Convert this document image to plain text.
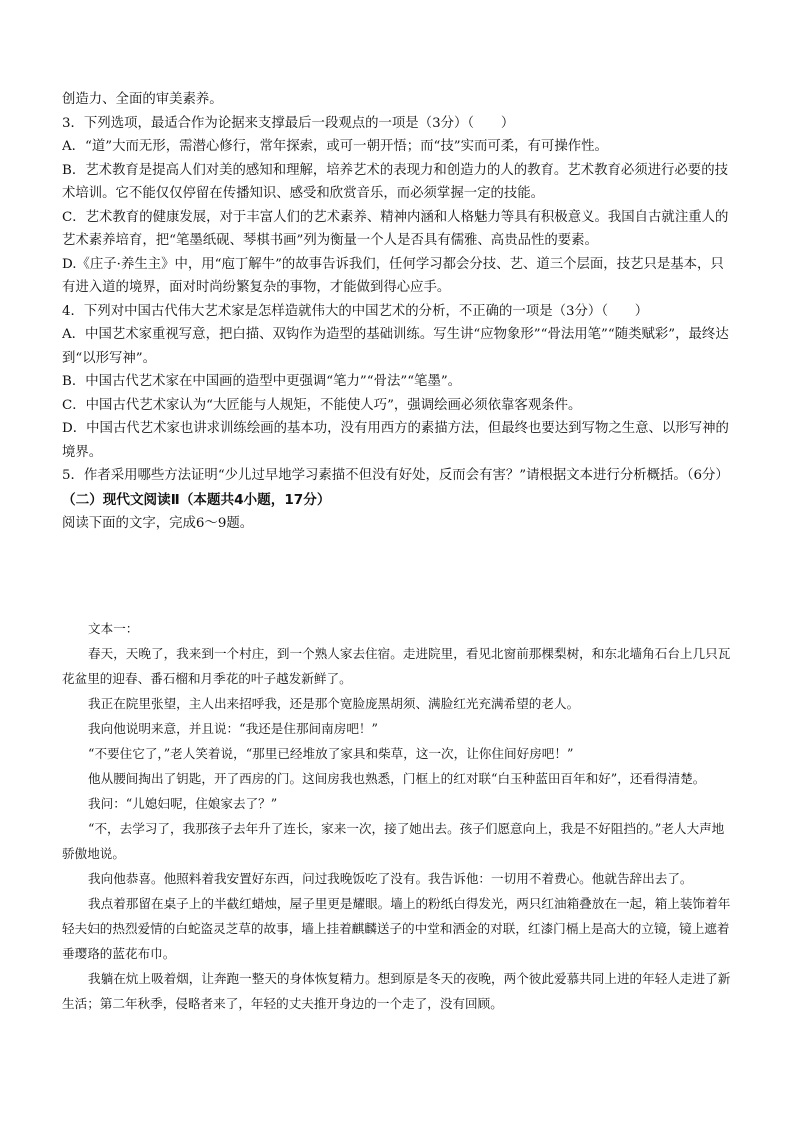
创造力、全面的审美素养。
3．下列选项，最适合作为论据来支撑最后一段观点的一项是（3分）（　　）
A．“道”大而无形，需潜心修行，常年探索，或可一朝开悟；而“技”实而可柔，有可操作性。
B．艺术教育是提高人们对美的感知和理解，培养艺术的表现力和创造力的人的教育。艺术教育必须进行必要的技术培训。它不能仅仅停留在传播知识、感受和欣赏音乐，而必须掌握一定的技能。
C．艺术教育的健康发展，对于丰富人们的艺术素养、精神内涵和人格魅力等具有积极意义。我国自古就注重人的艺术素养培育，把“笔墨纸砚、琴棋书画”列为衡量一个人是否具有儒雅、高贵品性的要素。
D.《庄子·养生主》中，用“庖丁解牛”的故事告诉我们，任何学习都会分技、艺、道三个层面，技艺只是基本，只有进入道的境界，面对时尚纷繁复杂的事物，才能做到得心应手。
4．下列对中国古代伟大艺术家是怎样造就伟大的中国艺术的分析，不正确的一项是（3分）（　　）
A．中国艺术家重视写意，把白描、双钩作为造型的基础训练。写生讲“应物象形”“骨法用笔”“随类赋彩”，最终达到“以形写神”。
B．中国古代艺术家在中国画的造型中更强调“笔力”“骨法”“笔墨”。
C．中国古代艺术家认为“大匠能与人规矩，不能使人巧”，强调绘画必须依靠客观条件。
D．中国古代艺术家也讲求训练绘画的基本功，没有用西方的素描方法，但最终也要达到写物之生意、以形写神的境界。
5．作者采用哪些方法证明“少儿过早地学习素描不但没有好处，反而会有害？”请根据文本进行分析概括。（6分）
（二）现代文阅读Ⅱ（本题共4小题，17分）
阅读下面的文字，完成6～9题。
文本一：
春天，天晚了，我来到一个村庄，到一个熟人家去住宿。走进院里，看见北窗前那棵梨树，和东北墙角石台上几只瓦花盆里的迎春、番石榴和月季花的叶子越发新鲜了。
我正在院里张望，主人出来招呼我，还是那个宽脸庞黑胡须、满脸红光充满希望的老人。
我向他说明来意，并且说：“我还是住那间南房吧！”
“不要住它了，”老人笑着说，“那里已经堆放了家具和柴草，这一次，让你住间好房吧！”
他从腰间掏出了钥匙，开了西房的门。这间房我也熟悉，门框上的红对联“白玉种蓝田百年和好”，还看得清楚。
我问：“儿媳妇呢，住娘家去了？”
“不，去学习了，我那孩子去年升了连长，家来一次，接了她出去。孩子们愿意向上，我是不好阻挡的。”老人大声地骄傲地说。
我向他恭喜。他照料着我安置好东西，问过我晚饭吃了没有。我告诉他：一切用不着费心。他就告辞出去了。
我点着那留在桌子上的半截红蜡烛，屋子里更是耀眼。墙上的粉纸白得发光，两只红油箱叠放在一起，箱上装饰着年轻夫妇的热烈爱情的白蛇盗灵芝草的故事，墙上挂着麒麟送子的中堂和洒金的对联，红漆门槅上是高大的立镜，镜上遮着垂璎珞的蓝花布巾。
我躺在炕上吸着烟，让奔跑一整天的身体恢复精力。想到原是冬天的夜晚，两个彼此爱慕共同上进的年轻人走进了新生活；第二年秋季，侵略者来了，年轻的丈夫推开身边的一个走了，没有回顾。
